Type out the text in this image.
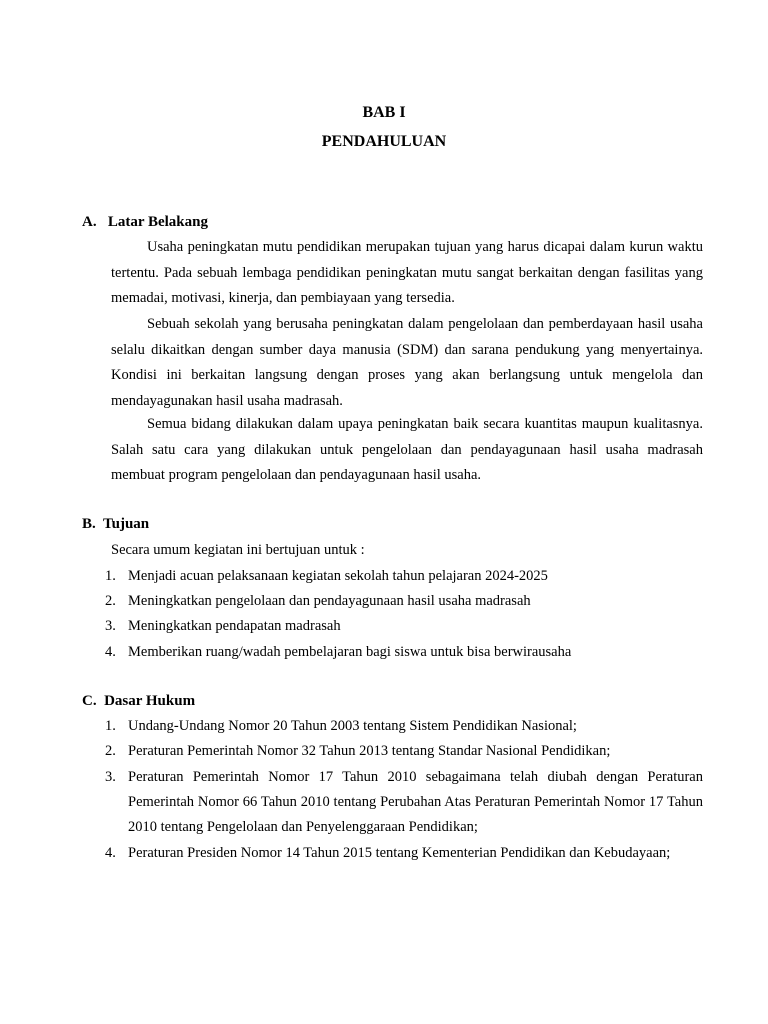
BAB I
PENDAHULUAN
A.   Latar Belakang

Usaha peningkatan mutu pendidikan merupakan tujuan yang harus dicapai dalam kurun waktu tertentu. Pada sebuah lembaga pendidikan peningkatan mutu sangat berkaitan dengan fasilitas yang memadai, motivasi, kinerja, dan pembiayaan yang tersedia.

Sebuah sekolah yang berusaha peningkatan dalam pengelolaan dan pemberdayaan hasil usaha selalu dikaitkan dengan sumber daya manusia (SDM) dan sarana pendukung yang menyertainya. Kondisi ini berkaitan langsung dengan proses yang akan berlangsung untuk mengelola dan mendayagunakan hasil usaha madrasah.

Semua bidang dilakukan dalam upaya peningkatan baik secara kuantitas maupun kualitasnya. Salah satu cara yang dilakukan untuk pengelolaan dan pendayagunaan hasil usaha madrasah membuat program pengelolaan dan pendayagunaan hasil usaha.

B.  Tujuan
Secara umum kegiatan ini bertujuan untuk :
1. Menjadi acuan pelaksanaan kegiatan sekolah tahun pelajaran 2024-2025
2. Meningkatkan pengelolaan dan pendayagunaan hasil usaha madrasah
3. Meningkatkan pendapatan madrasah
4. Memberikan ruang/wadah pembelajaran bagi siswa untuk bisa berwirausaha
C.  Dasar Hukum
1. Undang-Undang Nomor 20 Tahun 2003 tentang Sistem Pendidikan Nasional;
2. Peraturan Pemerintah Nomor 32 Tahun 2013 tentang Standar Nasional Pendidikan;
3. Peraturan Pemerintah Nomor 17 Tahun 2010 sebagaimana telah diubah dengan Peraturan Pemerintah Nomor 66 Tahun 2010 tentang Perubahan Atas Peraturan Pemerintah Nomor 17 Tahun 2010 tentang Pengelolaan dan Penyelenggaraan Pendidikan;
4. Peraturan Presiden Nomor 14 Tahun 2015 tentang Kementerian Pendidikan dan Kebudayaan;
